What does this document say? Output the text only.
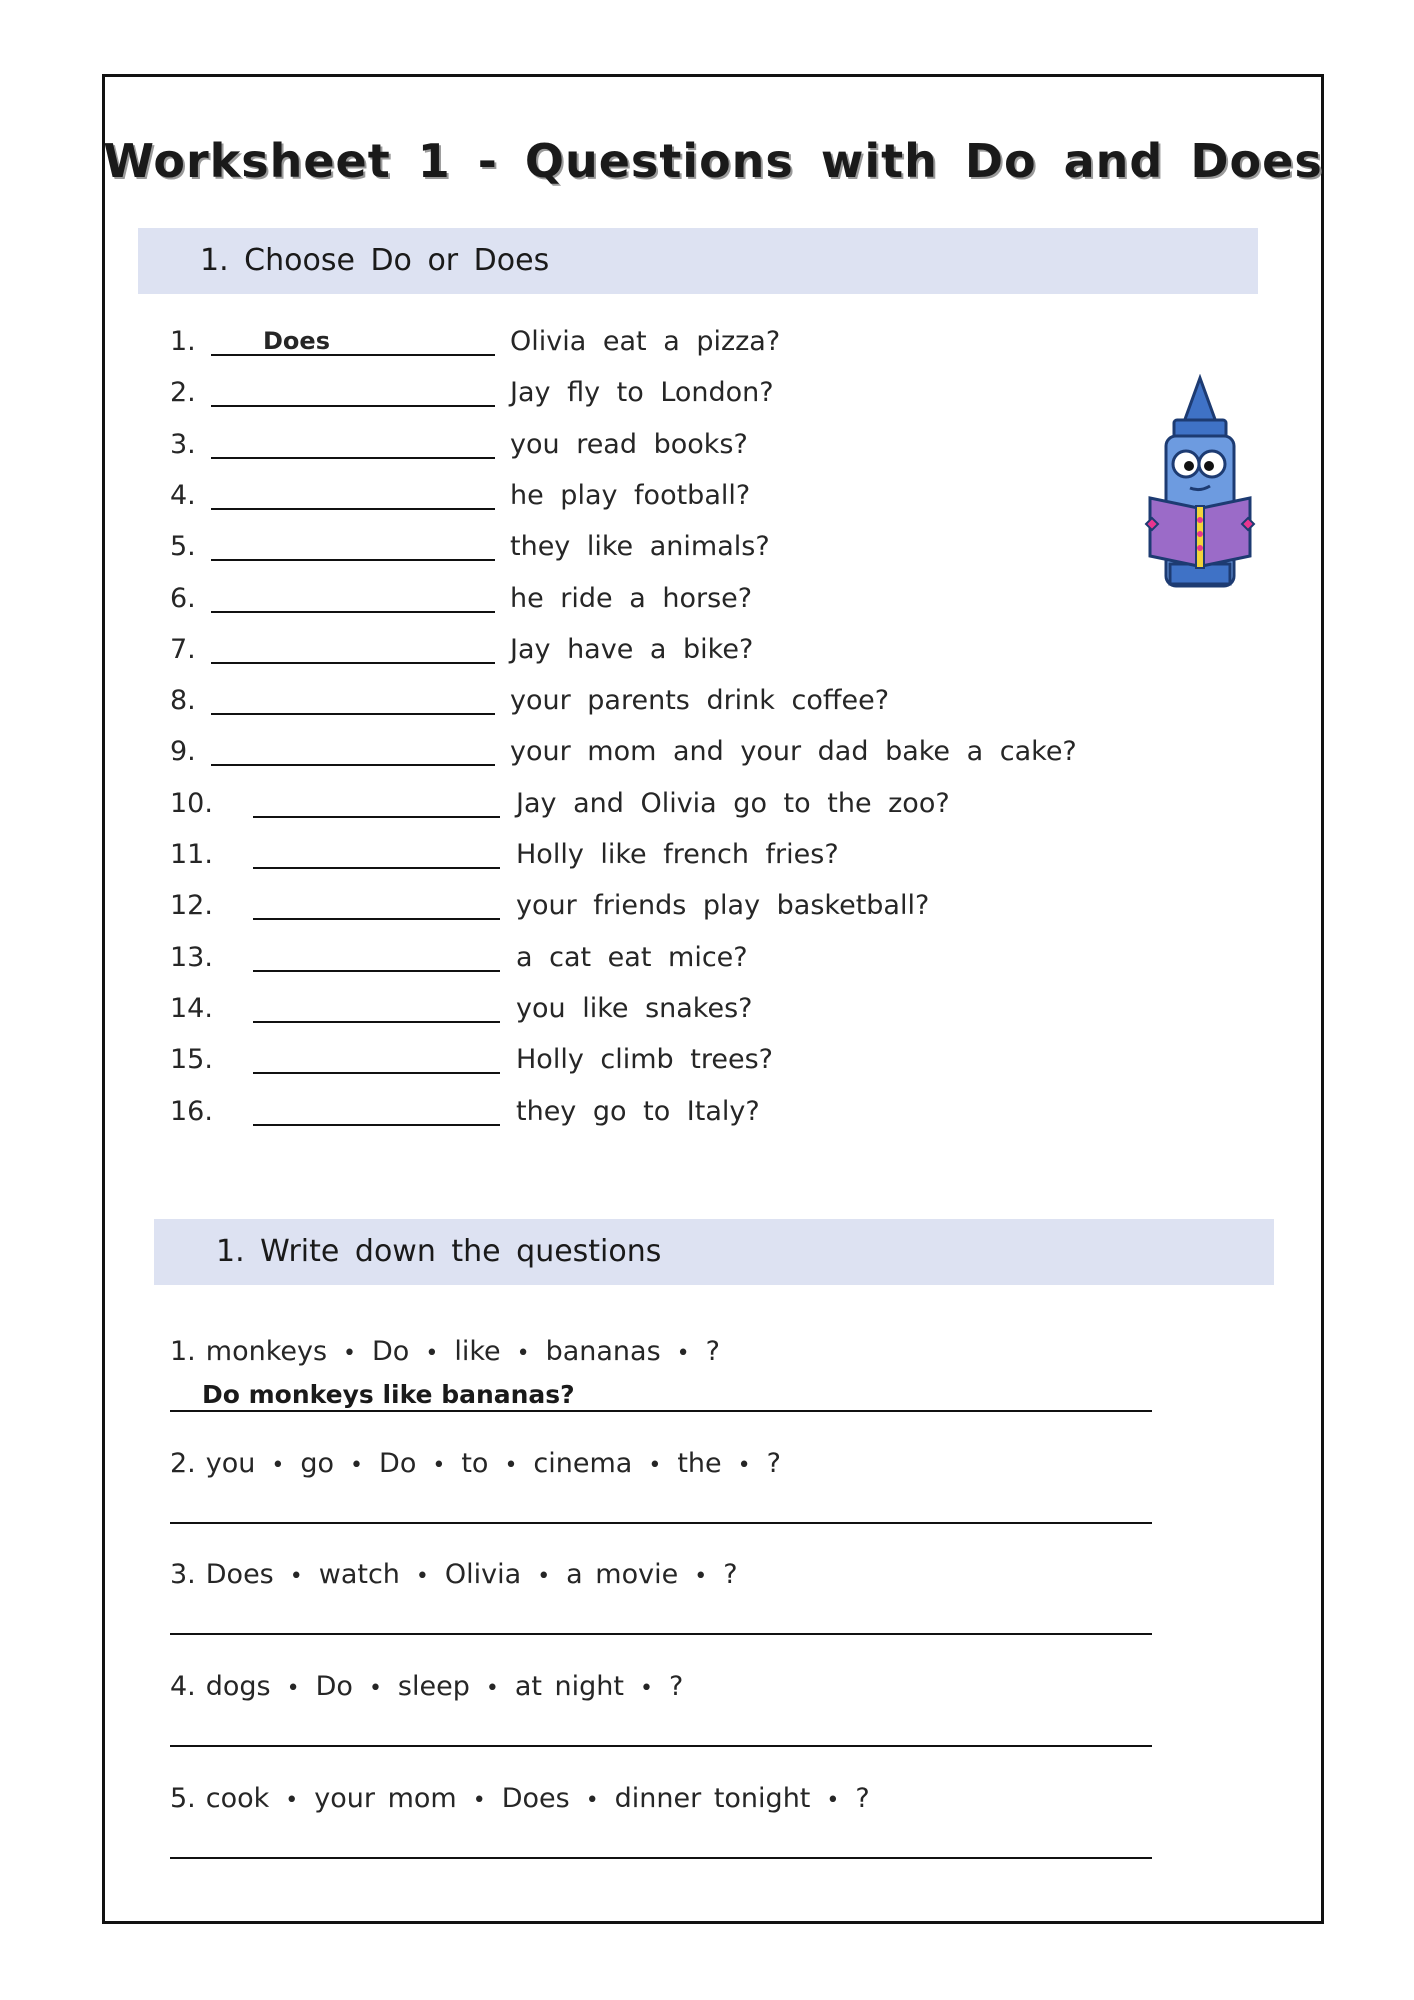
Worksheet 1 - Questions with Do and Does
1. Choose Do or Does
1.	Does	Olivia eat a pizza?
2.	Jay fly to London?
3.	you read books?
4.	he play football?
5.	they like animals?
6.	he ride a horse?
7.	Jay have a bike?
8.	your parents drink coffee?
9.	your mom and your dad bake a cake?
10.	Jay and Olivia go to the zoo?
11.	Holly like french fries?
12.	your friends play basketball?
13.	a cat eat mice?
14.	you like snakes?
15.	Holly climb trees?
16.	they go to Italy?
1. Write down the questions
1. monkeys • Do • like • bananas • ?
Do monkeys like bananas?
2. you • go • Do • to • cinema • the • ?
3. Does • watch • Olivia • a movie • ?
4. dogs • Do • sleep • at night • ?
5. cook • your mom • Does • dinner tonight • ?
